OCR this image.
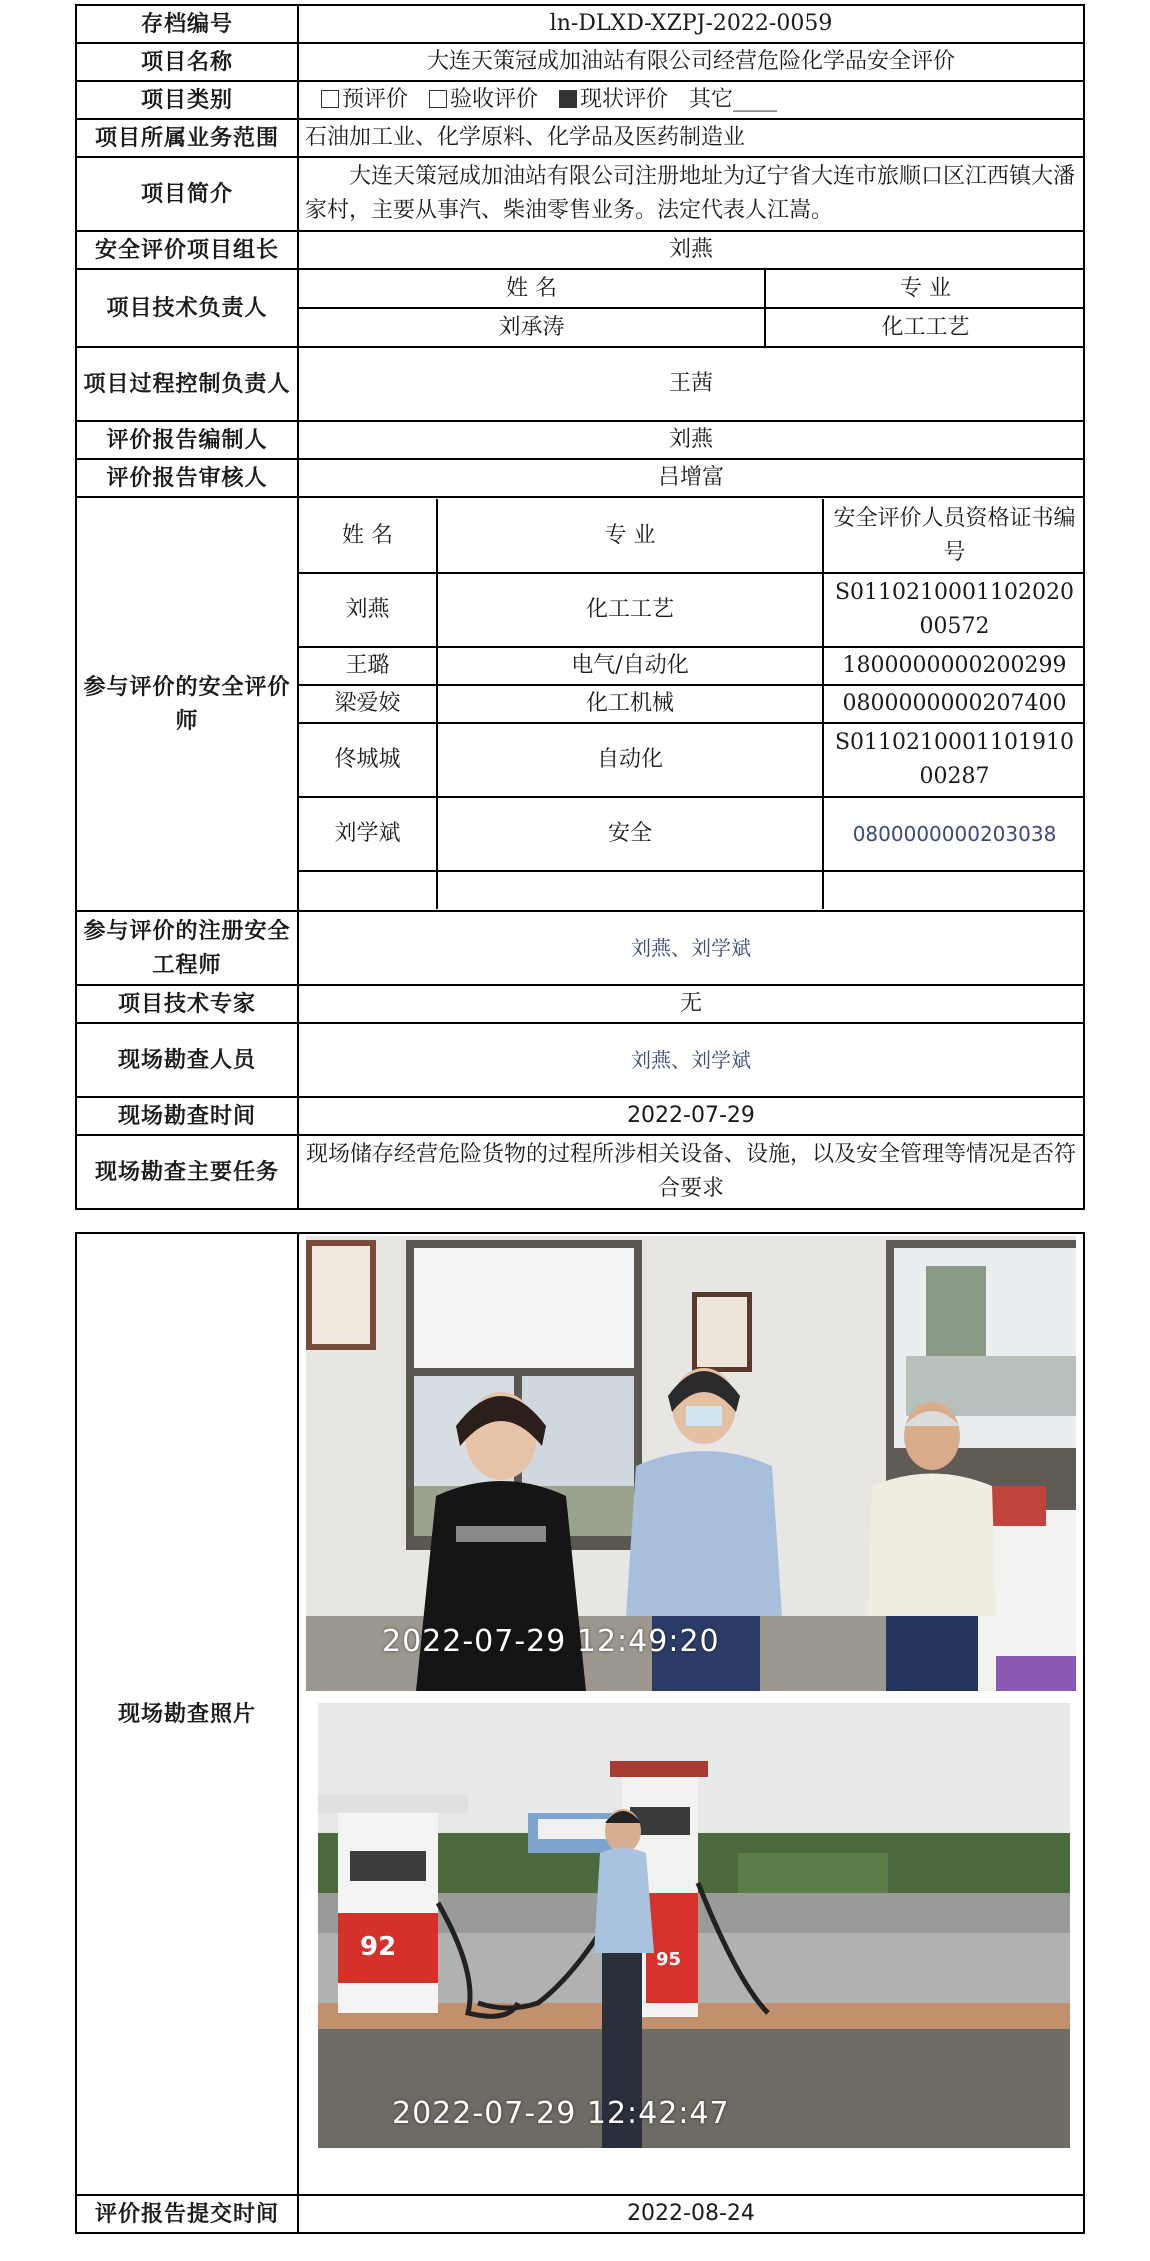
存档编号	ln-DLXD-XZPJ-2022-0059
项目名称	大连天策冠成加油站有限公司经营危险化学品安全评价
项目类别	预评价 验收评价 现状评价 其它____
项目所属业务范围	石油加工业、化学原料、化学品及医药制造业
项目简介	大连天策冠成加油站有限公司注册地址为辽宁省大连市旅顺口区江西镇大潘家村，主要从事汽、柴油零售业务。法定代表人江嵩。
安全评价项目组长	刘燕
项目技术负责人	
姓 名	专 业
刘承涛	化工工艺

项目过程控制负责人	王茜
评价报告编制人	刘燕
评价报告审核人	吕增富
参与评价的安全评价师	
姓 名	专 业	安全评价人员资格证书编号
刘燕	化工工艺	S011021000110202000572
王璐	电气/自动化	1800000000200299
梁爱姣	化工机械	0800000000207400
佟城城	自动化	S011021000110191000287
刘学斌	安全	0800000000203038

参与评价的注册安全工程师	刘燕、刘学斌
项目技术专家	无
现场勘查人员	刘燕、刘学斌
现场勘查时间	2022-07-29
现场勘查主要任务	现场储存经营危险货物的过程所涉相关设备、设施，以及安全管理等情况是否符合要求
现场勘查照片	
评价报告提交时间	2022-08-24
2022-07-29 12:49:20
92	95
2022-07-29 12:42:47
